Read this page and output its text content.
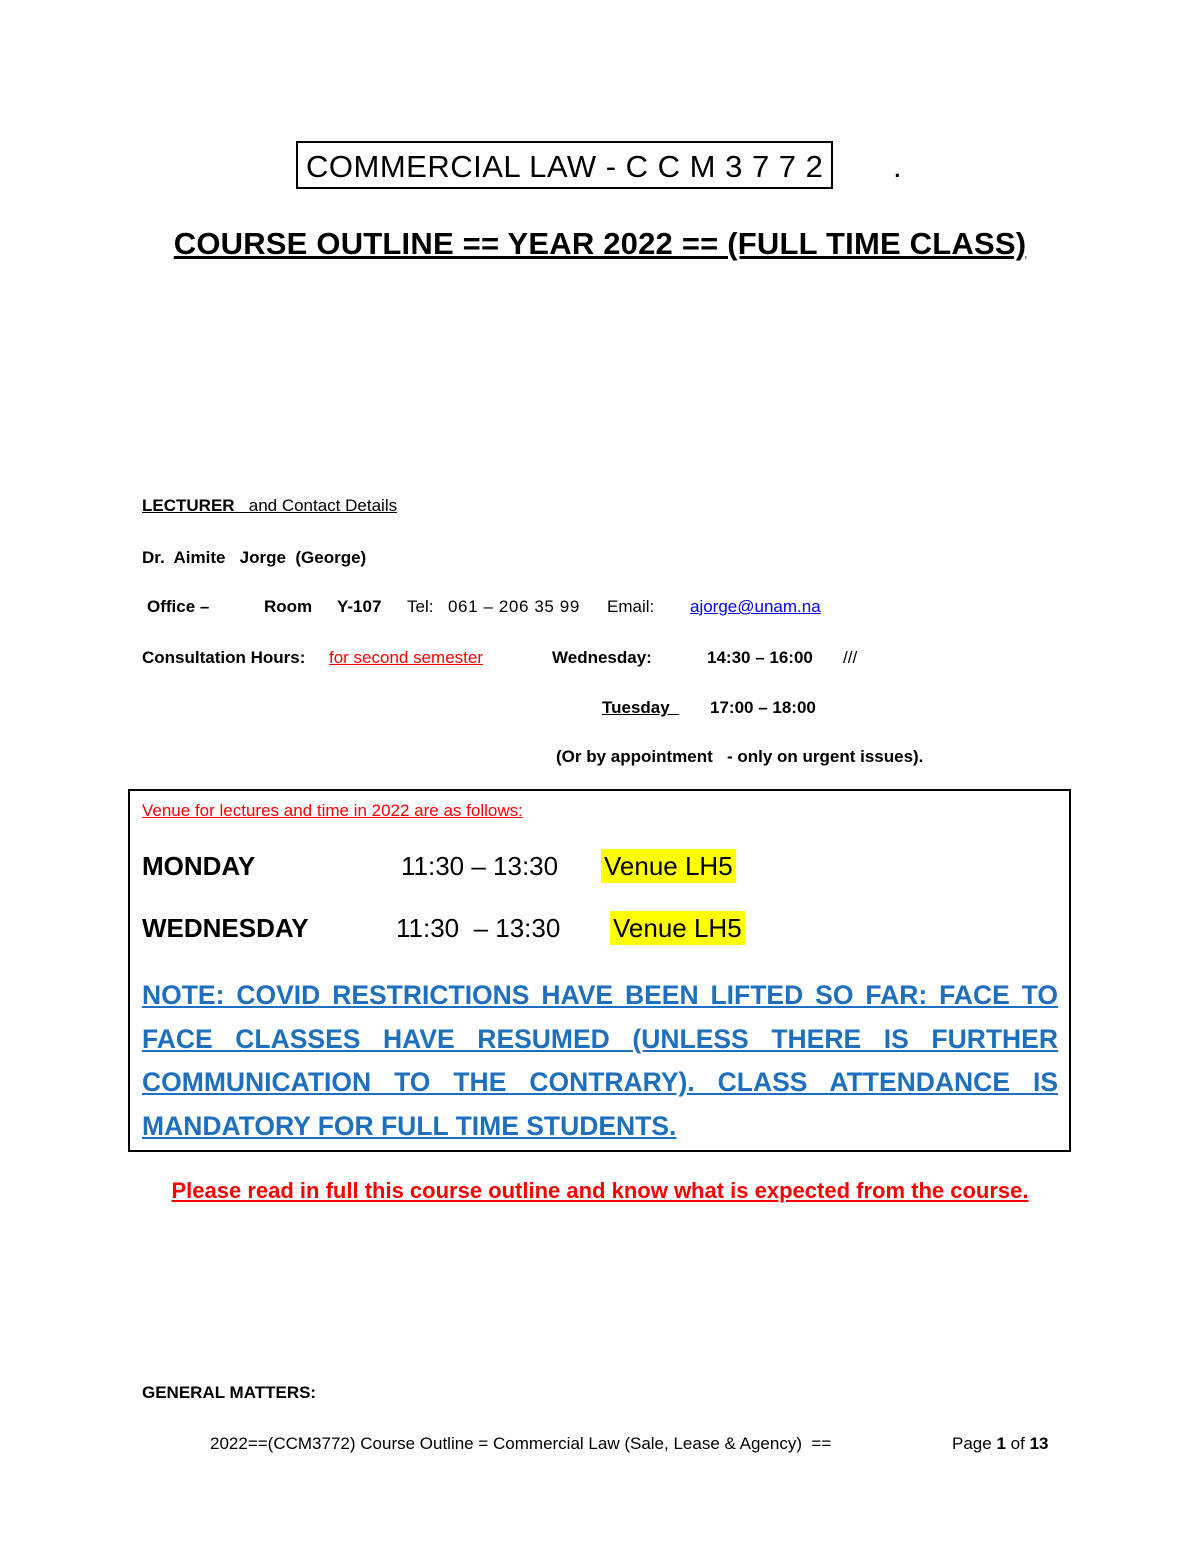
COMMERCIAL LAW - C C M 3 7 7 2	.
COURSE OUTLINE == YEAR 2022 == (FULL TIME CLASS)
LECTURER and Contact Details
Dr.  Aimite   Jorge  (George)
Office –	Room Y-107 Tel: 061 – 206 35 99 Email: ajorge@unam.na
Consultation Hours: for second semester	Wednesday:	14:30 – 16:00 ///
Tuesday	17:00 – 18:00
(Or by appointment   - only on urgent issues).
Venue for lectures and time in 2022 are as follows:
MONDAY	11:30 – 13:30 Venue LH5
WEDNESDAY	11:30  – 13:30 Venue LH5
NOTE: COVID RESTRICTIONS HAVE BEEN LIFTED SO FAR: FACE TO FACE CLASSES HAVE RESUMED (UNLESS THERE IS FURTHER COMMUNICATION TO THE CONTRARY). CLASS ATTENDANCE IS MANDATORY FOR FULL TIME STUDENTS.
Please read in full this course outline and know what is expected from the course.
GENERAL MATTERS:
2022==(CCM3772) Course Outline = Commercial Law (Sale, Lease & Agency)  ==	Page 1 of 13
